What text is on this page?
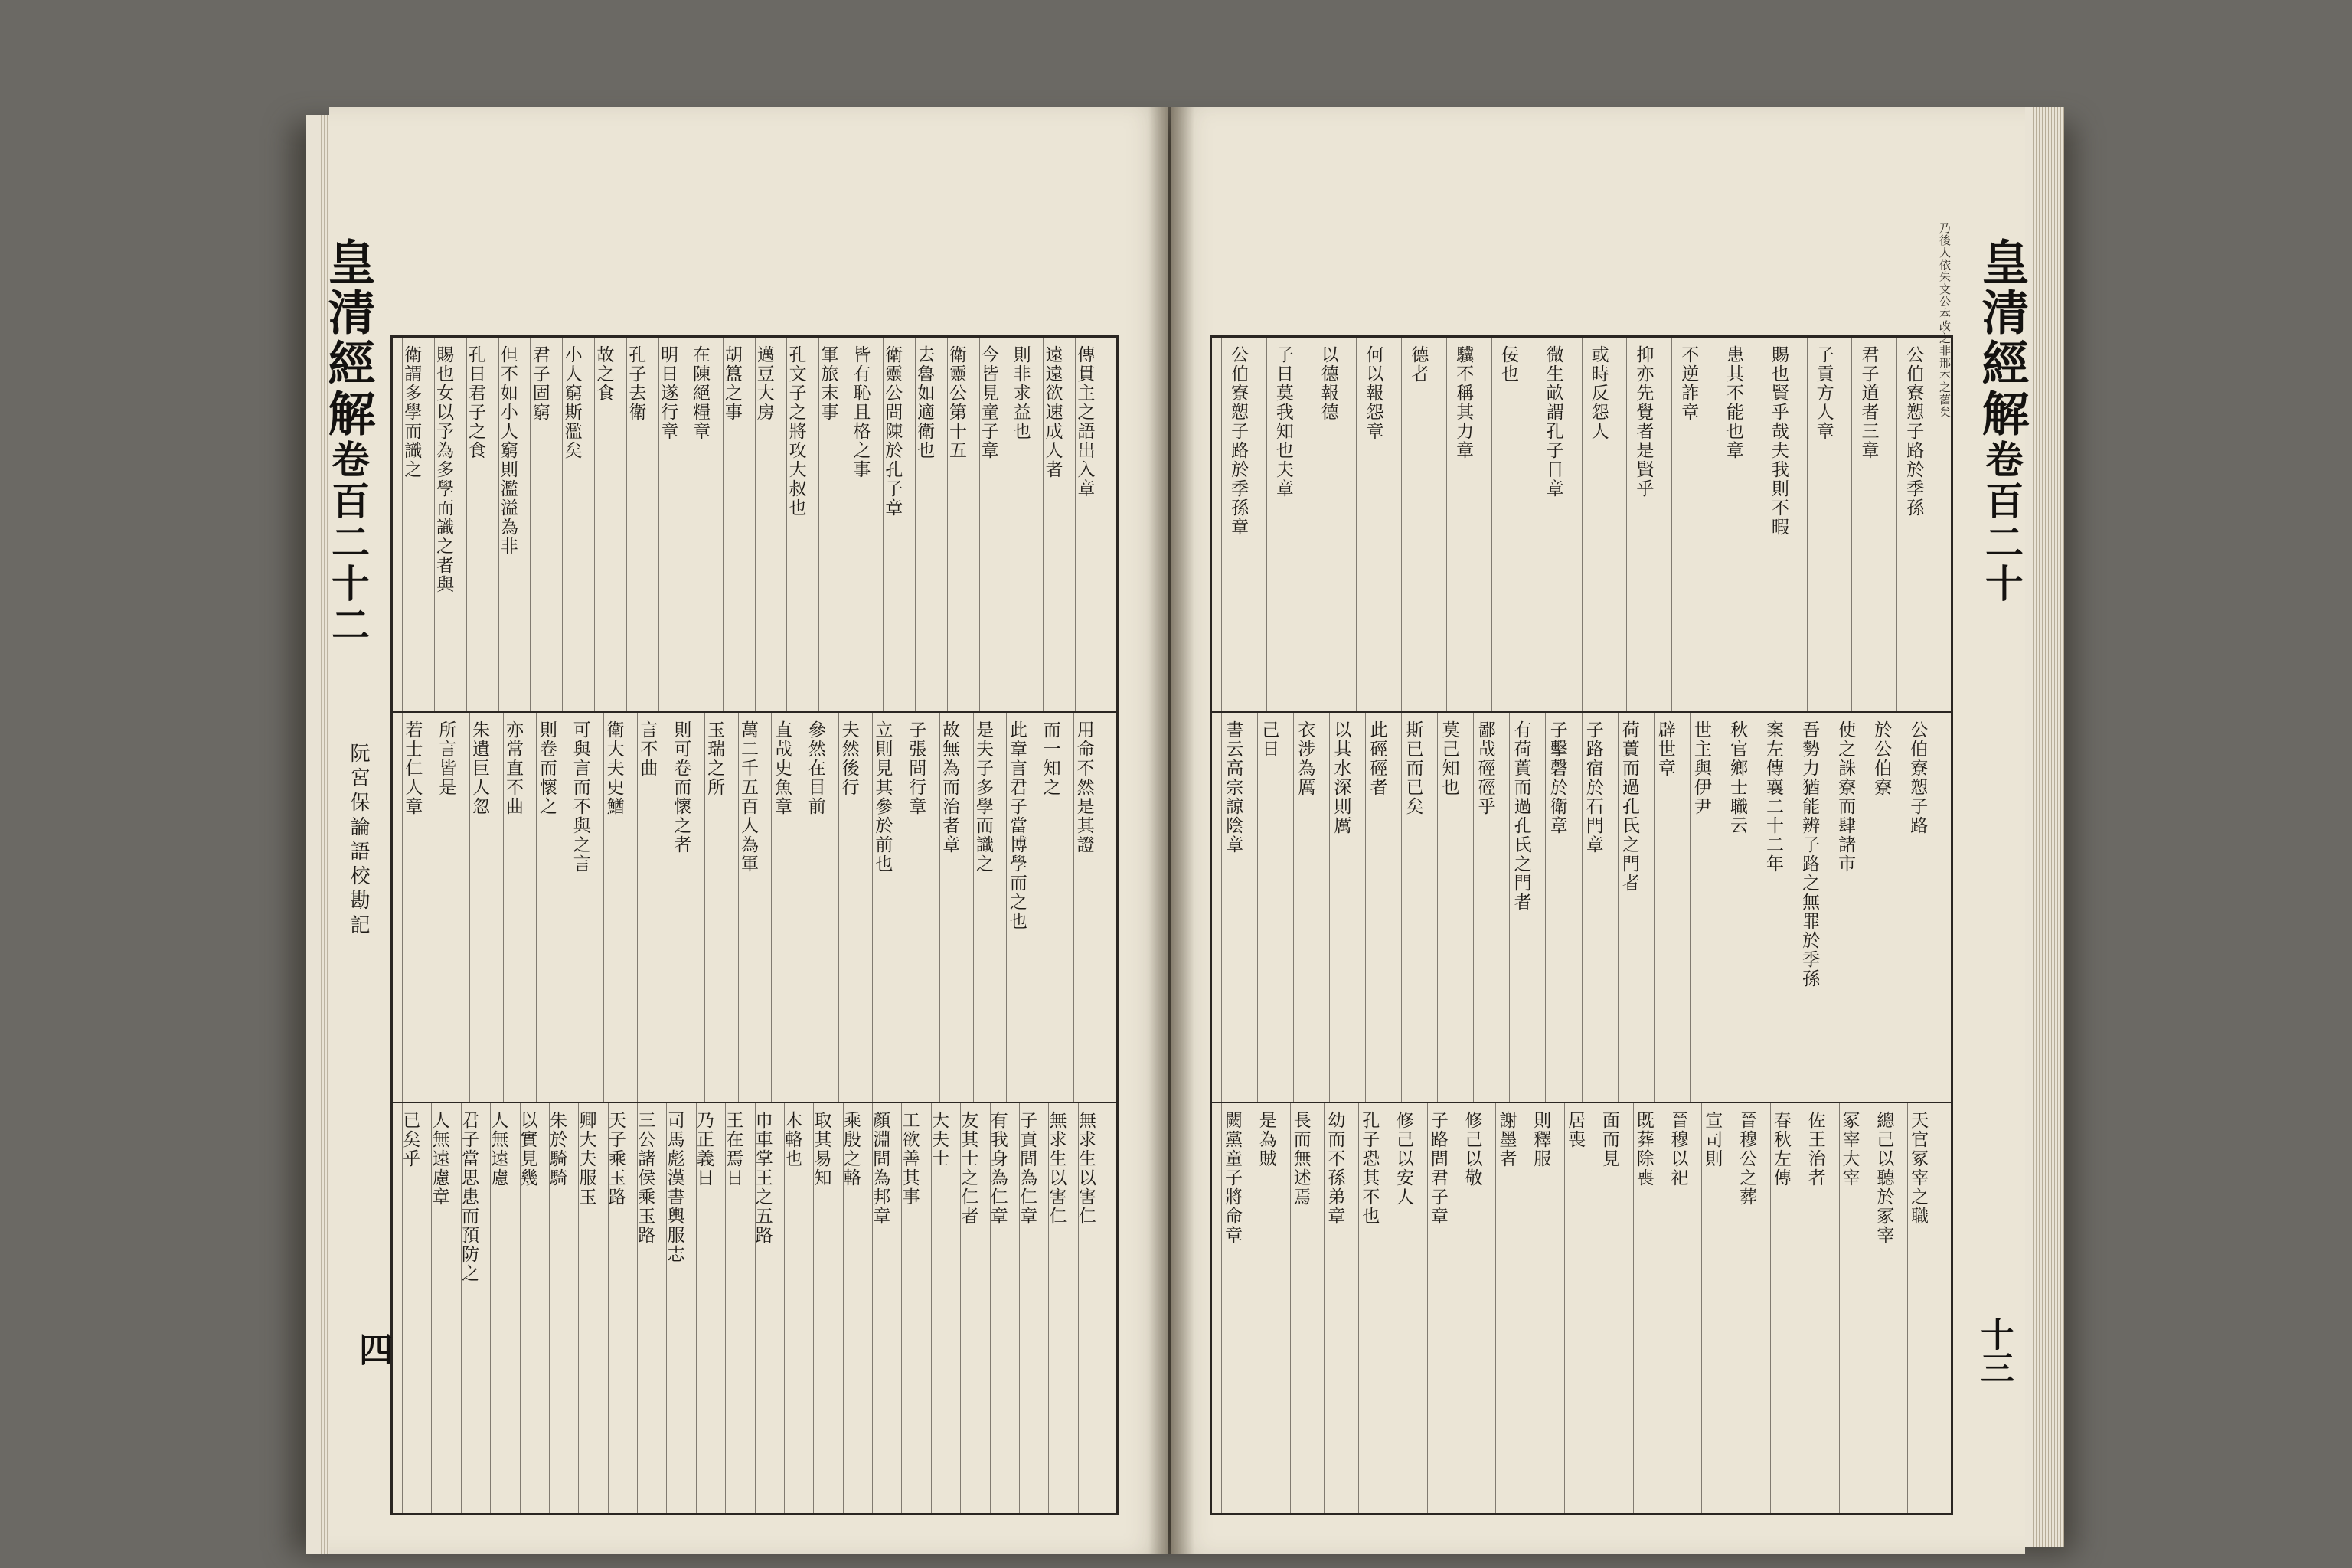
傳貫主之語出入章
遠遠欲速成人者
則非求益也
今皆見童子章
衛靈公第十五
去魯如適衛也
衛靈公問陳於孔子章
皆有恥且格之事
軍旅末事
孔文子之將攻大叔也
邁豆大房
胡簋之事
在陳絕糧章
明日遂行章
孔子去衛
故之食
小人窮斯濫矣
君子固窮
但不如小人窮則濫溢為非
孔日君子之食
賜也女以予為多學而識之者與
衛謂多學而識之
用命不然是其證
而一知之
此章言君子當博學而之也
是夫子多學而識之
故無為而治者章
子張問行章
立則見其參於前也
夫然後行
參然在目前
直哉史魚章
萬二千五百人為軍
玉瑞之所
則可卷而懷之者
言不曲
衛大夫史鰌
可與言而不與之言
則卷而懷之
亦常直不曲
朱遺巨人忽
所言皆是
若士仁人章
無求生以害仁
無求生以害仁
子貢問為仁章
有我身為仁章
友其士之仁者
大夫士
工欲善其事
顏淵問為邦章
乘殷之輅
取其易知
木輅也
巾車掌王之五路
王在焉日
乃正義日
司馬彪漢書輿服志
三公諸侯乘玉路
天子乘玉路
卿大夫服玉
朱於騎騎
以實見幾
人無遠慮
君子當思患而預防之
人無遠慮章
已矣乎
皇清經解卷百二十二
阮宮保論語校勘記
四
乃後人依朱文公本改之非邢本之舊矣
公伯寮愬子路於季孫
君子道者三章
子貢方人章
賜也賢乎哉夫我則不暇
患其不能也章
不逆詐章
抑亦先覺者是賢乎
或時反怨人
微生畝謂孔子日章
佞也
驥不稱其力章
德者
何以報怨章
以德報德
子日莫我知也夫章
公伯寮愬子路於季孫章
公伯寮愬子路
於公伯寮
使之誅寮而肆諸市
吾勢力猶能辨子路之無罪於季孫
案左傳襄二十二年
秋官鄉士職云
世主與伊尹
辟世章
荷蕢而過孔氏之門者
子路宿於石門章
子擊磬於衛章
有荷蕢而過孔氏之門者
鄙哉硜硜乎
莫己知也
斯已而已矣
此硜硜者
以其水深則厲
衣涉為厲
己日
書云高宗諒陰章
天官冢宰之職
總己以聽於冢宰
冢宰大宰
佐王治者
春秋左傳
晉穆公之葬
宣司則
晉穆以祀
既葬除喪
面而見
居喪
則釋服
謝墨者
修己以敬
子路問君子章
修己以安人
孔子恐其不也
幼而不孫弟章
長而無述焉
是為賊
闕黨童子將命章
皇清經解卷百二十
十三
